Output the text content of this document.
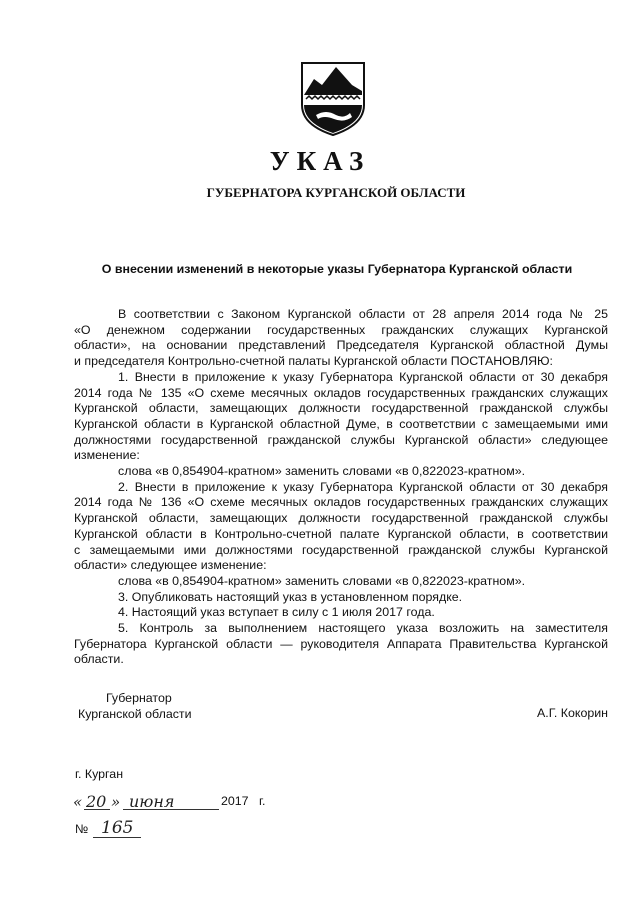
УКАЗ
ГУБЕРНАТОРА КУРГАНСКОЙ ОБЛАСТИ
О внесении изменений в некоторые указы Губернатора Курганской области

В соответствии с Законом Курганской области от 28 апреля 2014 года № 25

«О денежном содержании государственных гражданских служащих Курганской

области», на основании представлений Председателя Курганской областной Думы

и председателя Контрольно-счетной палаты Курганской области ПОСТАНОВЛЯЮ:

1. Внести в приложение к указу Губернатора Курганской области от 30 декабря

2014 года № 135 «О схеме месячных окладов государственных гражданских служащих

Курганской области, замещающих должности государственной гражданской службы

Курганской области в Курганской областной Думе, в соответствии с замещаемыми ими

должностями государственной гражданской службы Курганской области» следующее

изменение:

слова «в 0,854904-кратном» заменить словами «в 0,822023-кратном».

2. Внести в приложение к указу Губернатора Курганской области от 30 декабря

2014 года № 136 «О схеме месячных окладов государственных гражданских служащих

Курганской области, замещающих должности государственной гражданской службы

Курганской области в Контрольно-счетной палате Курганской области, в соответствии

с замещаемыми ими должностями государственной гражданской службы Курганской

области» следующее изменение:

слова «в 0,854904-кратном» заменить словами «в 0,822023-кратном».

3. Опубликовать настоящий указ в установленном порядке.

4. Настоящий указ вступает в силу с 1 июля 2017 года.

5. Контроль за выполнением настоящего указа возложить на заместителя

Губернатора Курганской области — руководителя Аппарата Правительства Курганской

области.

Губернатор
Курганской области	А.Г. Кокорин
г. Курган
« 20 » июня	2017 г.
№ 165
